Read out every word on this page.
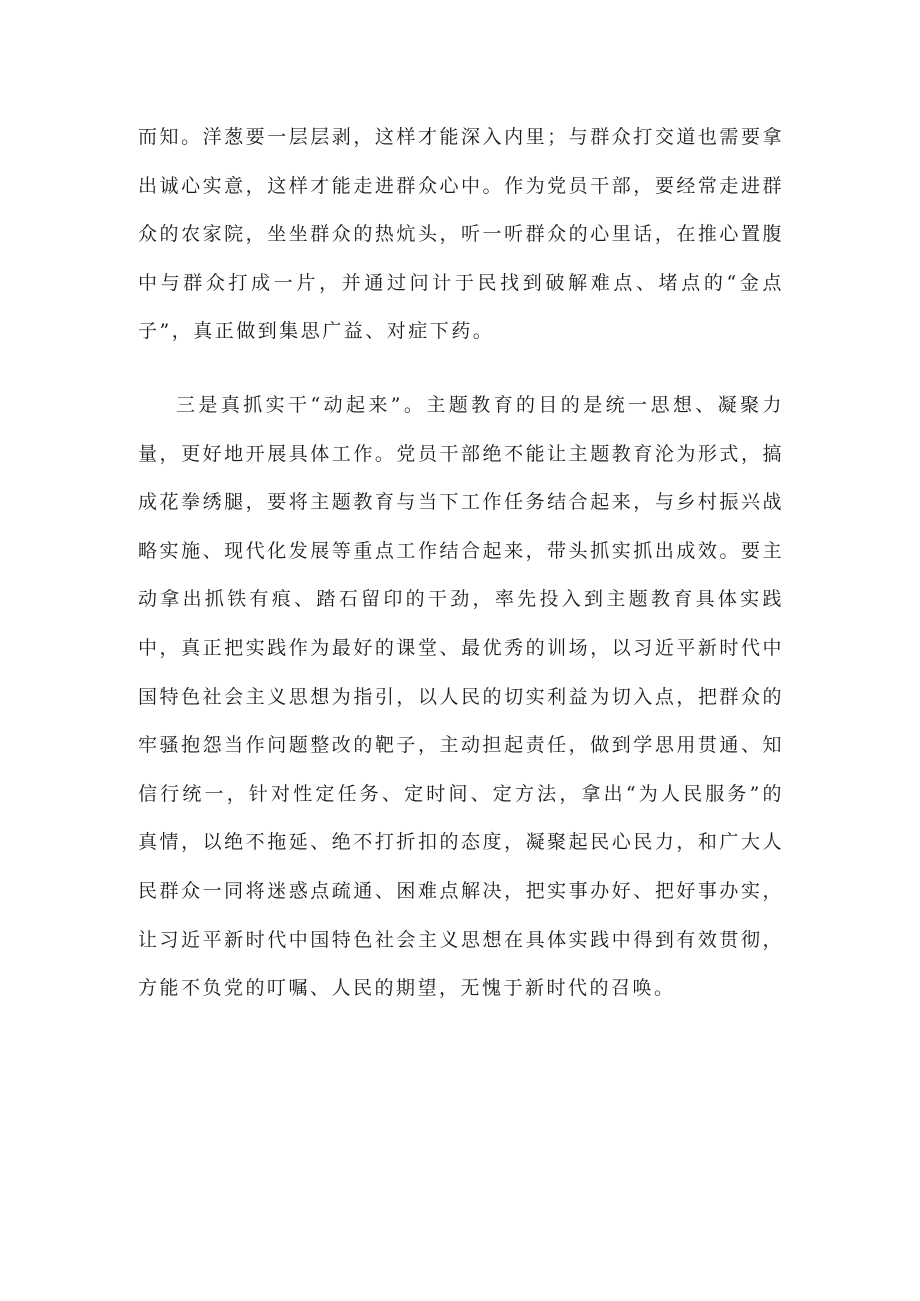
而知。洋葱要一层层剥，这样才能深入内里；与群众打交道也需要拿出诚心实意，这样才能走进群众心中。作为党员干部，要经常走进群众的农家院，坐坐群众的热炕头，听一听群众的心里话，在推心置腹中与群众打成一片，并通过问计于民找到破解难点、堵点的“金点子”，真正做到集思广益、对症下药。

三是真抓实干“动起来”。主题教育的目的是统一思想、凝聚力量，更好地开展具体工作。党员干部绝不能让主题教育沦为形式，搞成花拳绣腿，要将主题教育与当下工作任务结合起来，与乡村振兴战略实施、现代化发展等重点工作结合起来，带头抓实抓出成效。要主动拿出抓铁有痕、踏石留印的干劲，率先投入到主题教育具体实践中，真正把实践作为最好的课堂、最优秀的训场，以习近平新时代中国特色社会主义思想为指引，以人民的切实利益为切入点，把群众的牢骚抱怨当作问题整改的靶子，主动担起责任，做到学思用贯通、知信行统一，针对性定任务、定时间、定方法，拿出“为人民服务”的真情，以绝不拖延、绝不打折扣的态度，凝聚起民心民力，和广大人民群众一同将迷惑点疏通、困难点解决，把实事办好、把好事办实，让习近平新时代中国特色社会主义思想在具体实践中得到有效贯彻，方能不负党的叮嘱、人民的期望，无愧于新时代的召唤。
